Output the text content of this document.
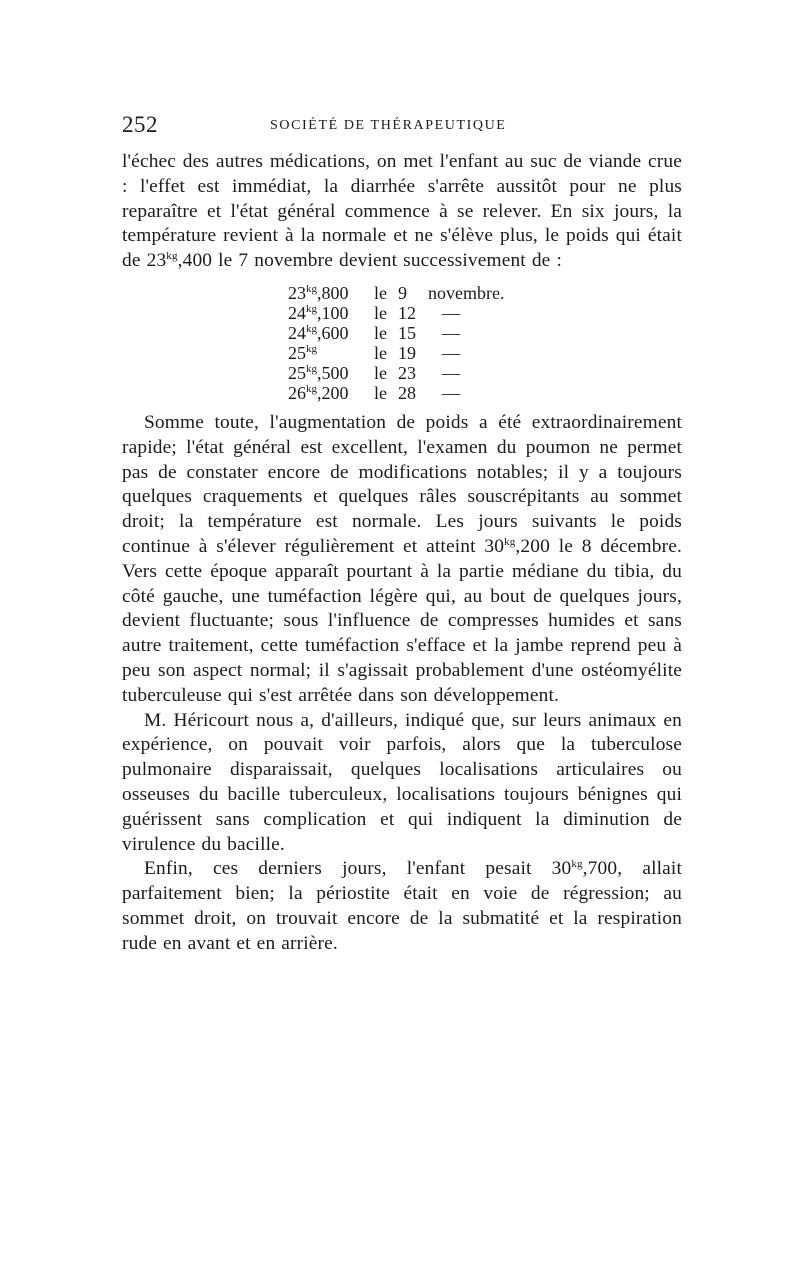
252	SOCIÉTÉ DE THÉRAPEUTIQUE

l'échec des autres médications, on met l'enfant au suc de viande crue : l'effet est immédiat, la diarrhée s'arrête aussitôt pour ne plus reparaître et l'état général commence à se relever. En six jours, la température revient à la normale et ne s'élève plus, le poids qui était de $23^{kg},400$ le 7 novembre devient successivement de :

$23^{kg},800$	le 9	novembre.
$24^{kg},100$	le 12	—
$24^{kg},600$	le 15	—
$25^{kg}$	le 19	—
$25^{kg},500$	le 23	—
$26^{kg},200$	le 28	—

Somme toute, l'augmentation de poids a été extraordinairement rapide; l'état général est excellent, l'examen du poumon ne permet pas de constater encore de modifications notables; il y a toujours quelques craquements et quelques râles souscrépitants au sommet droit; la température est normale. Les jours suivants le poids continue à s'élever régulièrement et atteint $30^{kg},200$ le 8 décembre. Vers cette époque apparaît pourtant à la partie médiane du tibia, du côté gauche, une tuméfaction légère qui, au bout de quelques jours, devient fluctuante; sous l'influence de compresses humides et sans autre traitement, cette tuméfaction s'efface et la jambe reprend peu à peu son aspect normal; il s'agissait probablement d'une ostéomyélite tuberculeuse qui s'est arrêtée dans son développement.

M. Héricourt nous a, d'ailleurs, indiqué que, sur leurs animaux en expérience, on pouvait voir parfois, alors que la tuberculose pulmonaire disparaissait, quelques localisations articulaires ou osseuses du bacille tuberculeux, localisations toujours bénignes qui guérissent sans complication et qui indiquent la diminution de virulence du bacille.

Enfin, ces derniers jours, l'enfant pesait $30^{kg},700$, allait parfaitement bien; la périostite était en voie de régression; au sommet droit, on trouvait encore de la submatité et la respiration rude en avant et en arrière.
